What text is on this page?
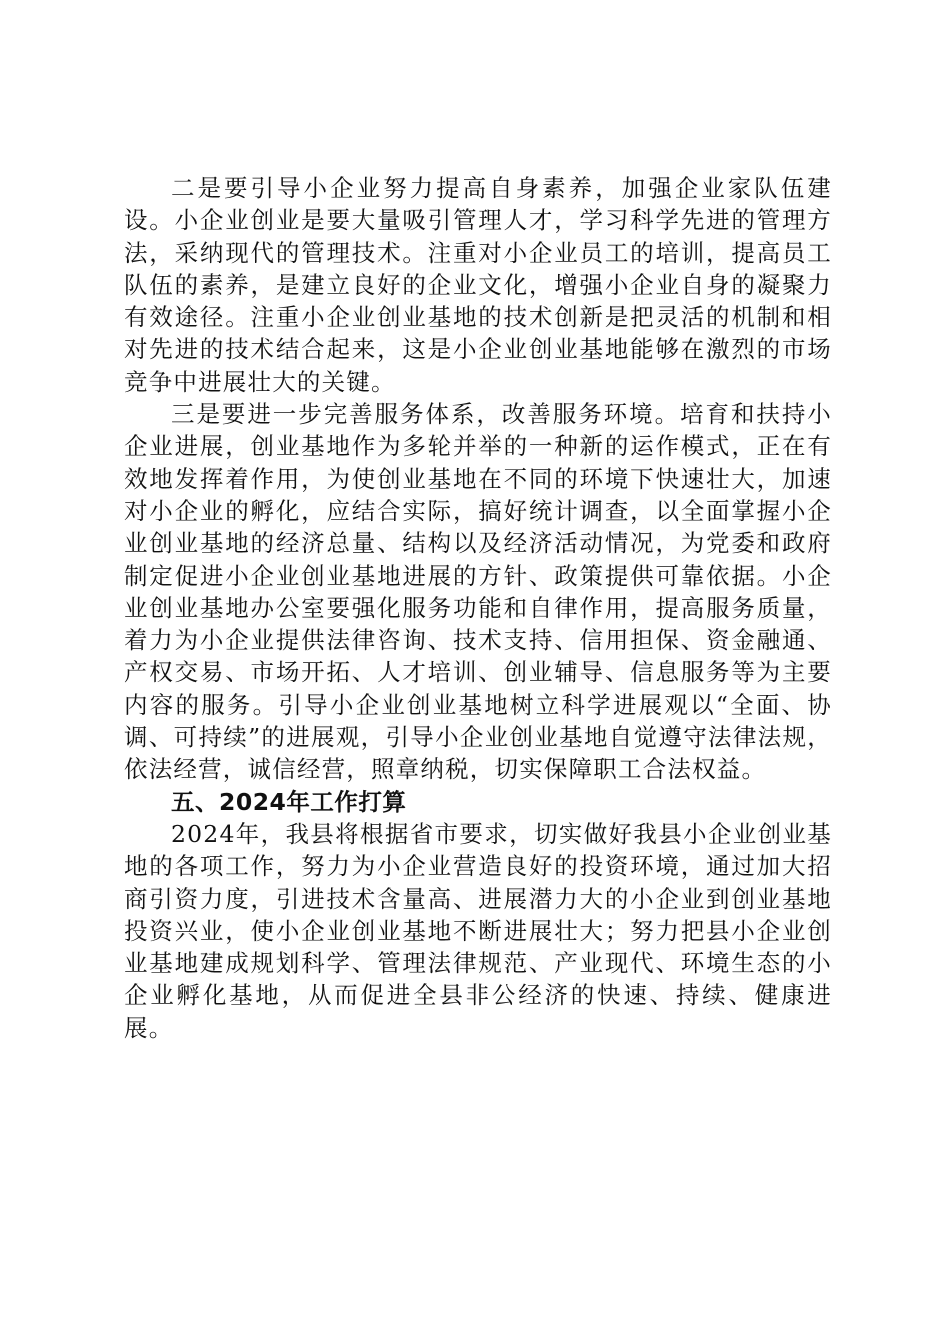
二是要引导小企业努力提高自身素养，加强企业家队伍建设。小企业创业是要大量吸引管理人才，学习科学先进的管理方法，采纳现代的管理技术。注重对小企业员工的培训，提高员工队伍的素养，是建立良好的企业文化，增强小企业自身的凝聚力有效途径。注重小企业创业基地的技术创新是把灵活的机制和相对先进的技术结合起来，这是小企业创业基地能够在激烈的市场竞争中进展壮大的关键。

三是要进一步完善服务体系，改善服务环境。培育和扶持小企业进展，创业基地作为多轮并举的一种新的运作模式，正在有效地发挥着作用，为使创业基地在不同的环境下快速壮大，加速对小企业的孵化，应结合实际，搞好统计调查，以全面掌握小企业创业基地的经济总量、结构以及经济活动情况，为党委和政府制定促进小企业创业基地进展的方针、政策提供可靠依据。小企业创业基地办公室要强化服务功能和自律作用，提高服务质量，着力为小企业提供法律咨询、技术支持、信用担保、资金融通、产权交易、市场开拓、人才培训、创业辅导、信息服务等为主要内容的服务。引导小企业创业基地树立科学进展观以“全面、协调、可持续”的进展观，引导小企业创业基地自觉遵守法律法规，依法经营，诚信经营，照章纳税，切实保障职工合法权益。

五、2024年工作打算

2024年，我县将根据省市要求，切实做好我县小企业创业基地的各项工作，努力为小企业营造良好的投资环境，通过加大招商引资力度，引进技术含量高、进展潜力大的小企业到创业基地投资兴业，使小企业创业基地不断进展壮大；努力把县小企业创业基地建成规划科学、管理法律规范、产业现代、环境生态的小企业孵化基地，从而促进全县非公经济的快速、持续、健康进展。
